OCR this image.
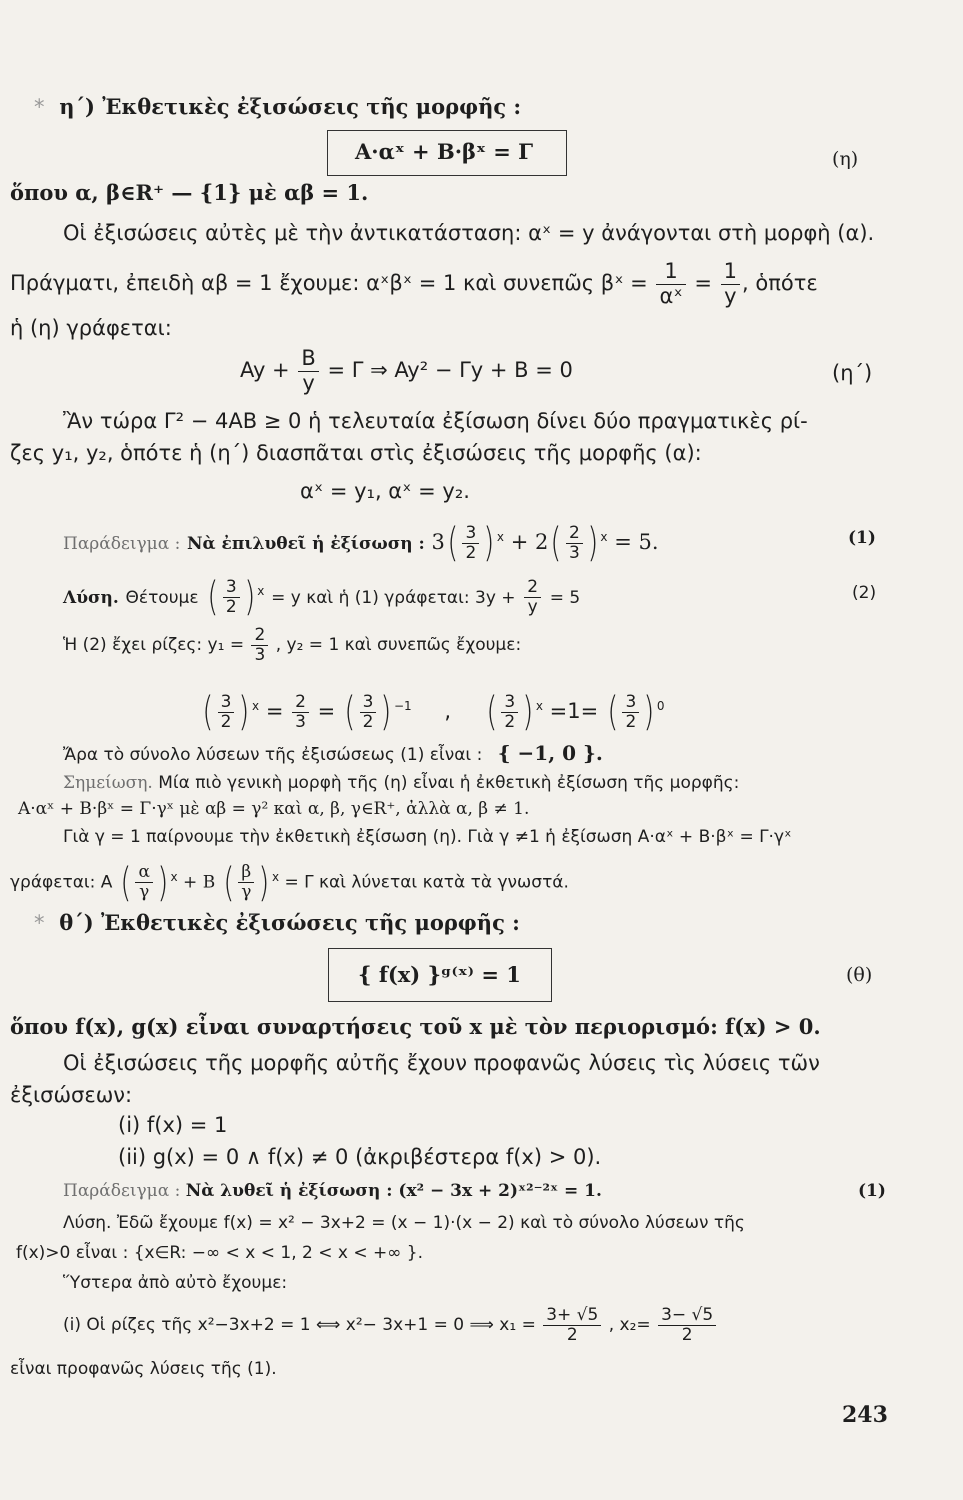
* η΄) Ἐκθετικὲς ἐξισώσεις τῆς μορφῆς :
A·αˣ + B·βˣ = Γ	(η)
ὅπου α, β∈R⁺ — {1} μὲ αβ = 1.
Οἱ ἐξισώσεις αὐτὲς μὲ τὴν ἀντικατάσταση: αˣ = y ἀνάγονται στὴ μορφὴ (α).
Πράγματι, ἐπειδὴ αβ = 1 ἔχουμε: αˣβˣ = 1 καὶ συνεπῶς βˣ = $\frac{1}{\text{αˣ}} = \frac{1}{y}$ , ὁπότε
ἡ (η) γράφεται:
$Ay + \frac{B}{y} = \Gamma$ ⇒ Ay² − Γy + B = 0	(η΄)
Ἂν τώρα Γ² − 4AB ≥ 0 ἡ τελευταία ἐξίσωση δίνει δύο πραγματικὲς ρί-
ζες y₁, y₂, ὁπότε ἡ (η΄) διασπᾶται στὶς ἐξισώσεις τῆς μορφῆς (α):
αˣ = y₁, αˣ = y₂.
Παράδειγμα : Νὰ ἐπιλυθεῖ ἡ ἐξίσωση : $3( \frac{3}{2}$ ) $^x + 2( \frac{2}{3}$ ) $^x$ = 5.	(1)
Λύση. Θέτουμε ( $\frac{3}{2}$ ) $^x$ = y καὶ ἡ (1) γράφεται: $3y + \frac{2}{y} = 5$	(2)
Ἡ (2) ἔχει ρίζες: $y_1 = \frac{2}{3}$ , y₂ = 1 καὶ συνεπῶς ἔχουμε:
( $\frac{3}{2}$ ) $^x = \frac{2}{3}$ = ( $\frac{3}{2}$ ) $^{-1}$ , ( $\frac{3}{2}$ ) $^x$ =1= ( $\frac{3}{2}$ ) $^0$
Ἄρα τὸ σύνολο λύσεων τῆς ἐξισώσεως (1) εἶναι : { −1, 0 }.
Σημείωση. Μία πιὸ γενικὴ μορφὴ τῆς (η) εἶναι ἡ ἐκθετικὴ ἐξίσωση τῆς μορφῆς:
A·αˣ + B·βˣ = Γ·γˣ μὲ αβ = γ² καὶ α, β, γ∈R⁺, ἀλλὰ α, β ≠ 1.
Γιὰ γ = 1 παίρνουμε τὴν ἐκθετικὴ ἐξίσωση (η). Γιὰ γ ≠1 ἡ ἐξίσωση A·αˣ + B·βˣ = Γ·γˣ
γράφεται: A ( $\frac{\alpha}{\gamma}$ ) $^x$ + B ( $\frac{\beta}{\gamma}$ ) $^x$ = Γ καὶ λύνεται κατὰ τὰ γνωστά.
* θ΄) Ἐκθετικὲς ἐξισώσεις τῆς μορφῆς :
{ f(x) }ᵍ⁽ˣ⁾ = 1	(θ)
ὅπου f(x), g(x) εἶναι συναρτήσεις τοῦ x μὲ τὸν περιορισμό: f(x) > 0.
Οἱ ἐξισώσεις τῆς μορφῆς αὐτῆς ἔχουν προφανῶς λύσεις τὶς λύσεις τῶν
ἐξισώσεων:
(i) f(x) = 1
(ii) g(x) = 0 ∧ f(x) ≠ 0 (ἀκριβέστερα f(x) > 0).
Παράδειγμα : Νὰ λυθεῖ ἡ ἐξίσωση : (x² − 3x + 2)ˣ²⁻²ˣ = 1.	(1)
Λύση. Ἐδῶ ἔχουμε f(x) = x² − 3x+2 = (x − 1)·(x − 2) καὶ τὸ σύνολο λύσεων τῆς
f(x)>0 εἶναι : {x∈R: −∞ < x < 1, 2 < x < +∞ }.
Ὕστερα ἀπὸ αὐτὸ ἔχουμε:
(i) Οἱ ρίζες τῆς x²−3x+2 = 1 ⟺ x²− 3x+1 = 0 ⟹ $x_1 = \frac{3+ √5}{2}$ , $x_2= \frac{3- √5}{2}$
εἶναι προφανῶς λύσεις τῆς (1).
243
